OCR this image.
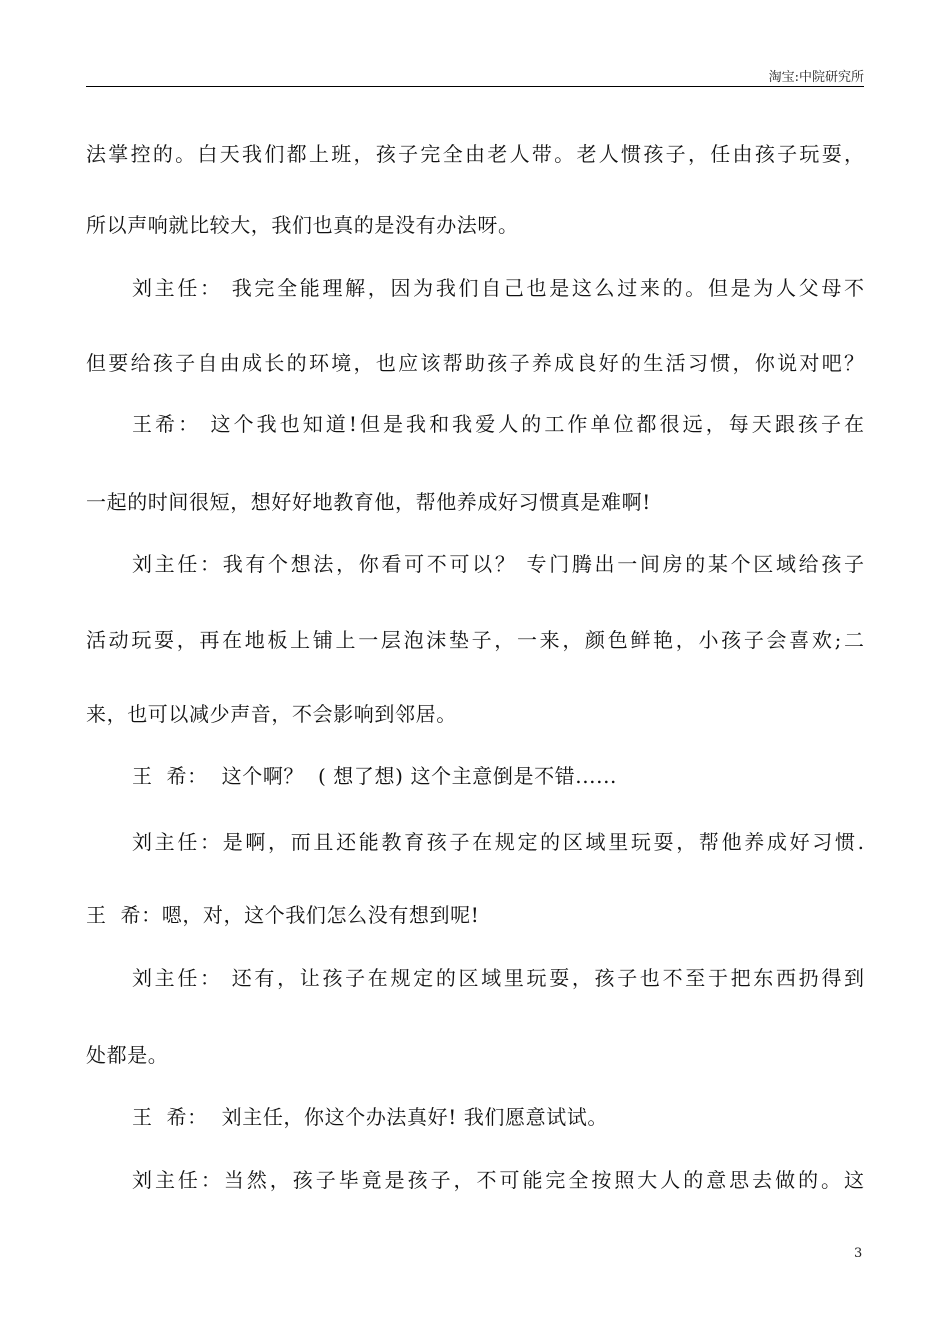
淘宝:中院研究所
法掌控的。白天我们都上班，孩子完全由老人带。老人惯孩子，任由孩子玩耍，
所以声响就比较大，我们也真的是没有办法呀。
刘主任： 我完全能理解，因为我们自己也是这么过来的。但是为人父母不
但要给孩子自由成长的环境，也应该帮助孩子养成良好的生活习惯，你说对吧？
王希： 这个我也知道!但是我和我爱人的工作单位都很远，每天跟孩子在
一起的时间很短，想好好地教育他，帮他养成好习惯真是难啊!
刘主任：我有个想法，你看可不可以？ 专门腾出一间房的某个区域给孩子
活动玩耍，再在地板上铺上一层泡沫垫子，一来，颜色鲜艳，小孩子会喜欢;二
来，也可以减少声音，不会影响到邻居。
王  希：  这个啊？  ( 想了想) 这个主意倒是不错......
刘主任：是啊，而且还能教育孩子在规定的区域里玩耍，帮他养成好习惯.
王  希：嗯，对，这个我们怎么没有想到呢!
刘主任： 还有，让孩子在规定的区域里玩耍，孩子也不至于把东西扔得到
处都是。
王  希：  刘主任，你这个办法真好! 我们愿意试试。
刘主任：当然，孩子毕竟是孩子，不可能完全按照大人的意思去做的。这
3
